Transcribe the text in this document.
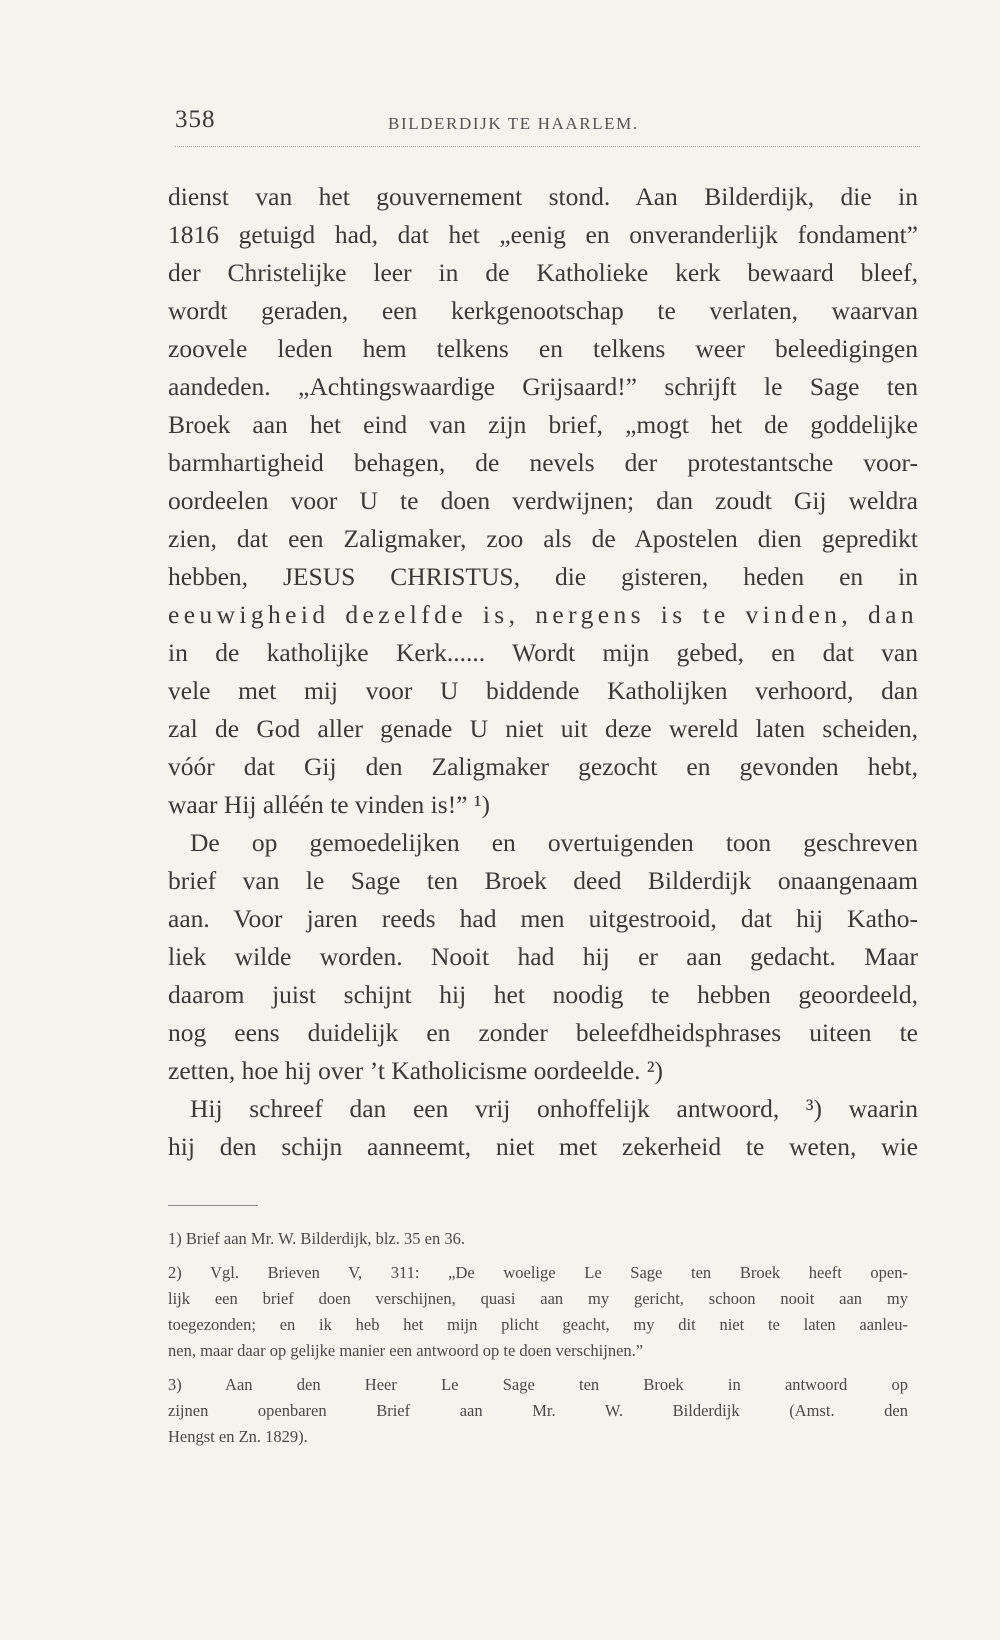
358	BILDERDIJK TE HAARLEM.
dienst van het gouvernement stond. Aan Bilderdijk, die in
1816 getuigd had, dat het „eenig en onveranderlijk fondament”
der Christelijke leer in de Katholieke kerk bewaard bleef,
wordt geraden, een kerkgenootschap te verlaten, waarvan
zoovele leden hem telkens en telkens weer beleedigingen
aandeden. „Achtingswaardige Grijsaard!” schrijft le Sage ten
Broek aan het eind van zijn brief, „mogt het de goddelijke
barmhartigheid behagen, de nevels der protestantsche voor-
oordeelen voor U te doen verdwijnen; dan zoudt Gij weldra
zien, dat een Zaligmaker, zoo als de Apostelen dien gepredikt
hebben, JESUS CHRISTUS, die gisteren, heden en in
eeuwigheid dezelfde is, nergens is te vinden, dan
in de katholijke Kerk...... Wordt mijn gebed, en dat van
vele met mij voor U biddende Katholijken verhoord, dan
zal de God aller genade U niet uit deze wereld laten scheiden,
vóór dat Gij den Zaligmaker gezocht en gevonden hebt,
waar Hij alléén te vinden is!” ¹)
De op gemoedelijken en overtuigenden toon geschreven
brief van le Sage ten Broek deed Bilderdijk onaangenaam
aan. Voor jaren reeds had men uitgestrooid, dat hij Katho-
liek wilde worden. Nooit had hij er aan gedacht. Maar
daarom juist schijnt hij het noodig te hebben geoordeeld,
nog eens duidelijk en zonder beleefdheidsphrases uiteen te
zetten, hoe hij over ’t Katholicisme oordeelde. ²)
Hij schreef dan een vrij onhoffelijk antwoord, ³) waarin
hij den schijn aanneemt, niet met zekerheid te weten, wie
1) Brief aan Mr. W. Bilderdijk, blz. 35 en 36.
2) Vgl. Brieven V, 311: „De woelige Le Sage ten Broek heeft open-
lijk een brief doen verschijnen, quasi aan my gericht, schoon nooit aan my
toegezonden; en ik heb het mijn plicht geacht, my dit niet te laten aanleu-
nen, maar daar op gelijke manier een antwoord op te doen verschijnen.”
3) Aan den Heer Le Sage ten Broek in antwoord op
zijnen openbaren Brief aan Mr. W. Bilderdijk (Amst. den
Hengst en Zn. 1829).
